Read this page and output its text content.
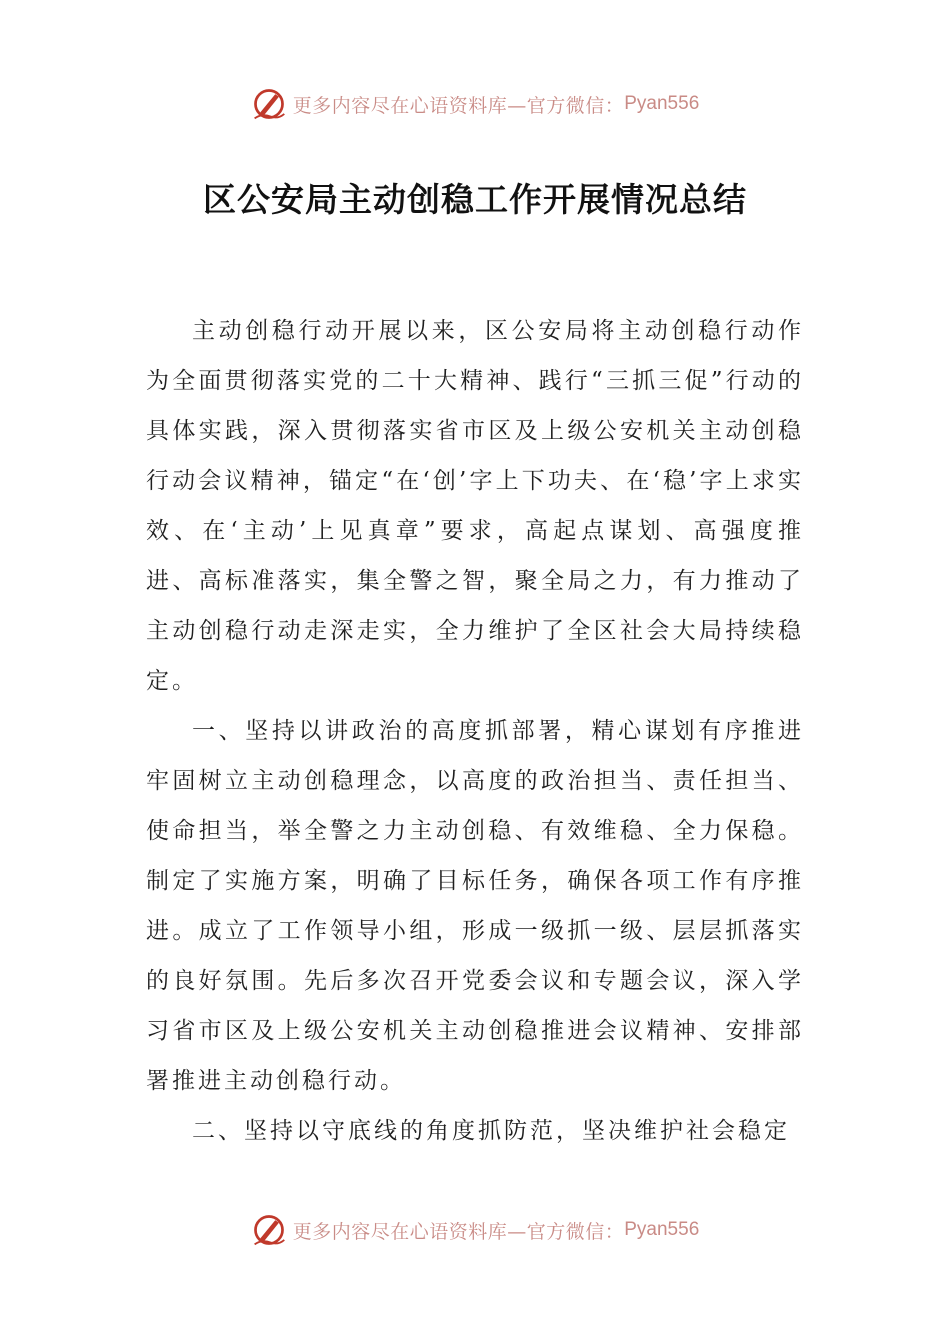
更多内容尽在心语资料库—官方微信： Pyan556
区公安局主动创稳工作开展情况总结

主动创稳行动开展以来，区公安局将主动创稳行动作为全面贯彻落实党的二十大精神、践行“三抓三促”行动的具体实践，深入贯彻落实省市区及上级公安机关主动创稳行动会议精神，锚定“在‘创’字上下功夫、在‘稳’字上求实效、在‘主动’上见真章”要求，高起点谋划、高强度推进、高标准落实，集全警之智，聚全局之力，有力推动了主动创稳行动走深走实，全力维护了全区社会大局持续稳定。

一、坚持以讲政治的高度抓部署，精心谋划有序推进牢固树立主动创稳理念，以高度的政治担当、责任担当、使命担当，举全警之力主动创稳、有效维稳、全力保稳。制定了实施方案，明确了目标任务，确保各项工作有序推进。成立了工作领导小组，形成一级抓一级、层层抓落实的良好氛围。先后多次召开党委会议和专题会议，深入学习省市区及上级公安机关主动创稳推进会议精神、安排部署推进主动创稳行动。

二、坚持以守底线的角度抓防范，坚决维护社会稳定

更多内容尽在心语资料库—官方微信： Pyan556
